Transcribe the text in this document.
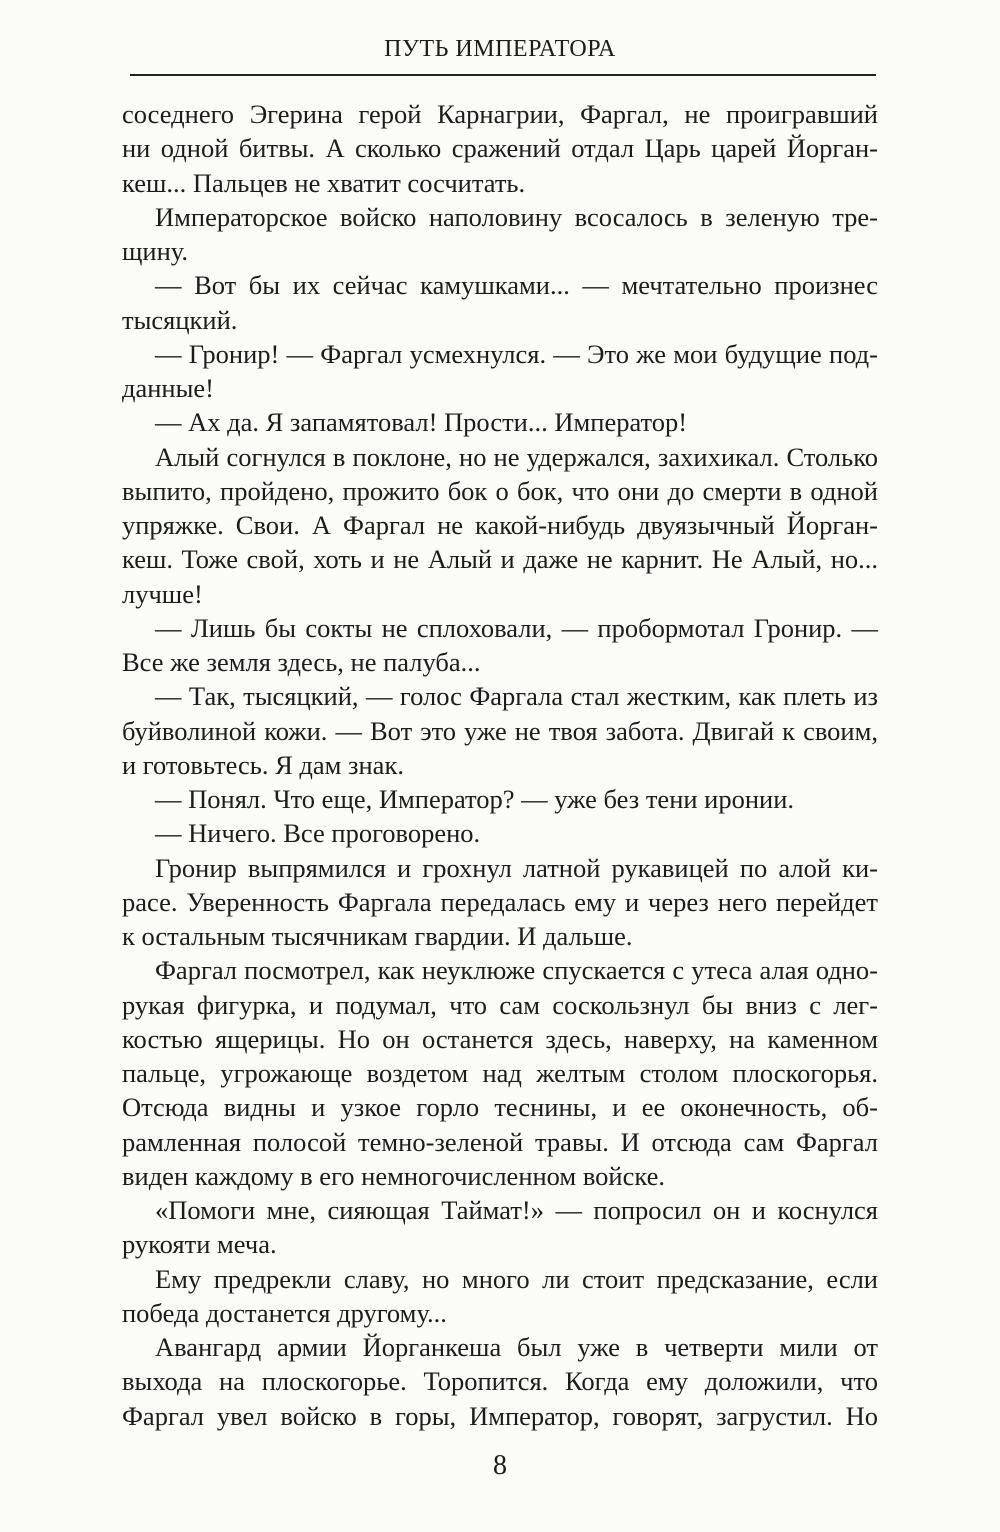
ПУТЬ ИМПЕРАТОРА
соседнего Эгерина герой Карнагрии, Фаргал, не проигравший
ни одной битвы. А сколько сражений отдал Царь царей Йорган-
кеш... Пальцев не хватит сосчитать.
Императорское войско наполовину всосалось в зеленую тре-
щину.
— Вот бы их сейчас камушками... — мечтательно произнес
тысяцкий.
— Гронир! — Фаргал усмехнулся. — Это же мои будущие под-
данные!
— Ах да. Я запамятовал! Прости... Император!
Алый согнулся в поклоне, но не удержался, захихикал. Столько
выпито, пройдено, прожито бок о бок, что они до смерти в одной
упряжке. Свои. А Фаргал не какой-нибудь двуязычный Йорган-
кеш. Тоже свой, хоть и не Алый и даже не карнит. Не Алый, но...
лучше!
— Лишь бы сокты не сплоховали, — пробормотал Гронир. —
Все же земля здесь, не палуба...
— Так, тысяцкий, — голос Фаргала стал жестким, как плеть из
буйволиной кожи. — Вот это уже не твоя забота. Двигай к своим,
и готовьтесь. Я дам знак.
— Понял. Что еще, Император? — уже без тени иронии.
— Ничего. Все проговорено.
Гронир выпрямился и грохнул латной рукавицей по алой ки-
расе. Уверенность Фаргала передалась ему и через него перейдет
к остальным тысячникам гвардии. И дальше.
Фаргал посмотрел, как неуклюже спускается с утеса алая одно-
рукая фигурка, и подумал, что сам соскользнул бы вниз с лег-
костью ящерицы. Но он останется здесь, наверху, на каменном
пальце, угрожающе воздетом над желтым столом плоскогорья.
Отсюда видны и узкое горло теснины, и ее оконечность, об-
рамленная полосой темно-зеленой травы. И отсюда сам Фаргал
виден каждому в его немногочисленном войске.
«Помоги мне, сияющая Таймат!» — попросил он и коснулся
рукояти меча.
Ему предрекли славу, но много ли стоит предсказание, если
победа достанется другому...
Авангард армии Йорганкеша был уже в четверти мили от
выхода на плоскогорье. Торопится. Когда ему доложили, что
Фаргал увел войско в горы, Император, говорят, загрустил. Но
8
